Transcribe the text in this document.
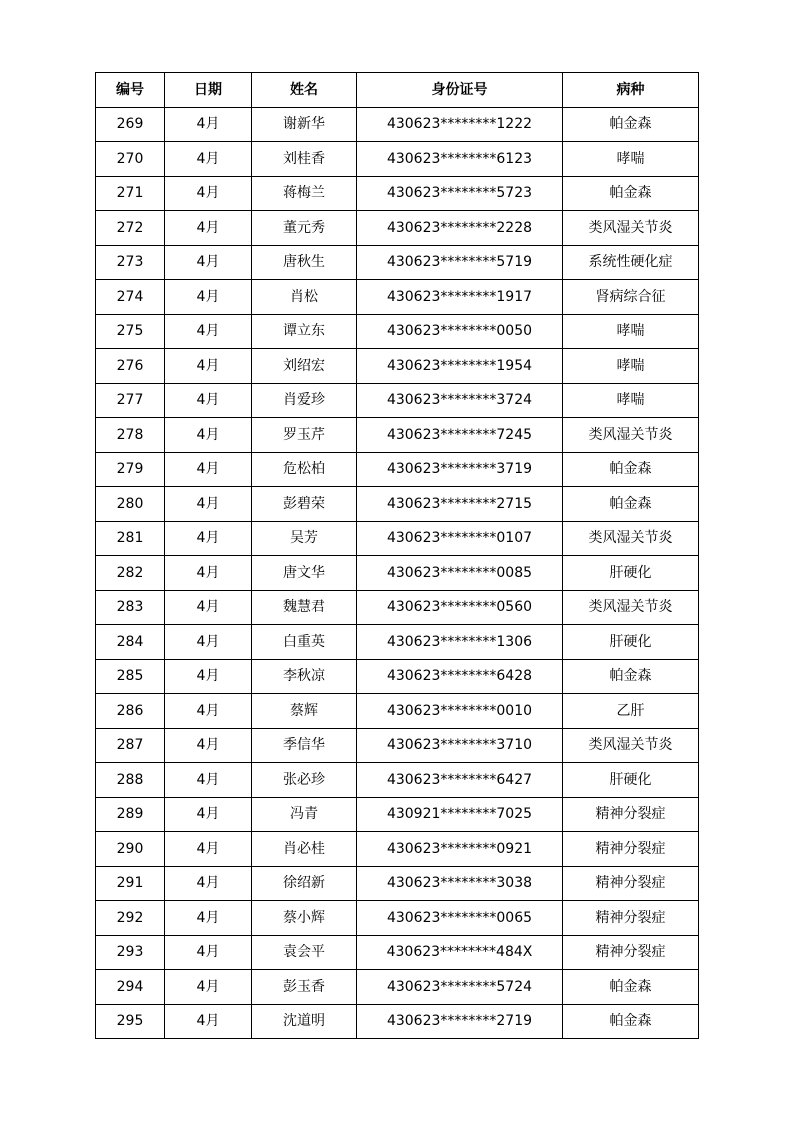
编号	日期	姓名	身份证号	病种
269	4月	谢新华	430623********1222	帕金森
270	4月	刘桂香	430623********6123	哮喘
271	4月	蒋梅兰	430623********5723	帕金森
272	4月	董元秀	430623********2228	类风湿关节炎
273	4月	唐秋生	430623********5719	系统性硬化症
274	4月	肖松	430623********1917	肾病综合征
275	4月	谭立东	430623********0050	哮喘
276	4月	刘绍宏	430623********1954	哮喘
277	4月	肖爱珍	430623********3724	哮喘
278	4月	罗玉芹	430623********7245	类风湿关节炎
279	4月	危松柏	430623********3719	帕金森
280	4月	彭碧荣	430623********2715	帕金森
281	4月	吴芳	430623********0107	类风湿关节炎
282	4月	唐文华	430623********0085	肝硬化
283	4月	魏慧君	430623********0560	类风湿关节炎
284	4月	白重英	430623********1306	肝硬化
285	4月	李秋凉	430623********6428	帕金森
286	4月	蔡辉	430623********0010	乙肝
287	4月	季信华	430623********3710	类风湿关节炎
288	4月	张必珍	430623********6427	肝硬化
289	4月	冯青	430921********7025	精神分裂症
290	4月	肖必桂	430623********0921	精神分裂症
291	4月	徐绍新	430623********3038	精神分裂症
292	4月	蔡小辉	430623********0065	精神分裂症
293	4月	袁会平	430623********484X	精神分裂症
294	4月	彭玉香	430623********5724	帕金森
295	4月	沈道明	430623********2719	帕金森
